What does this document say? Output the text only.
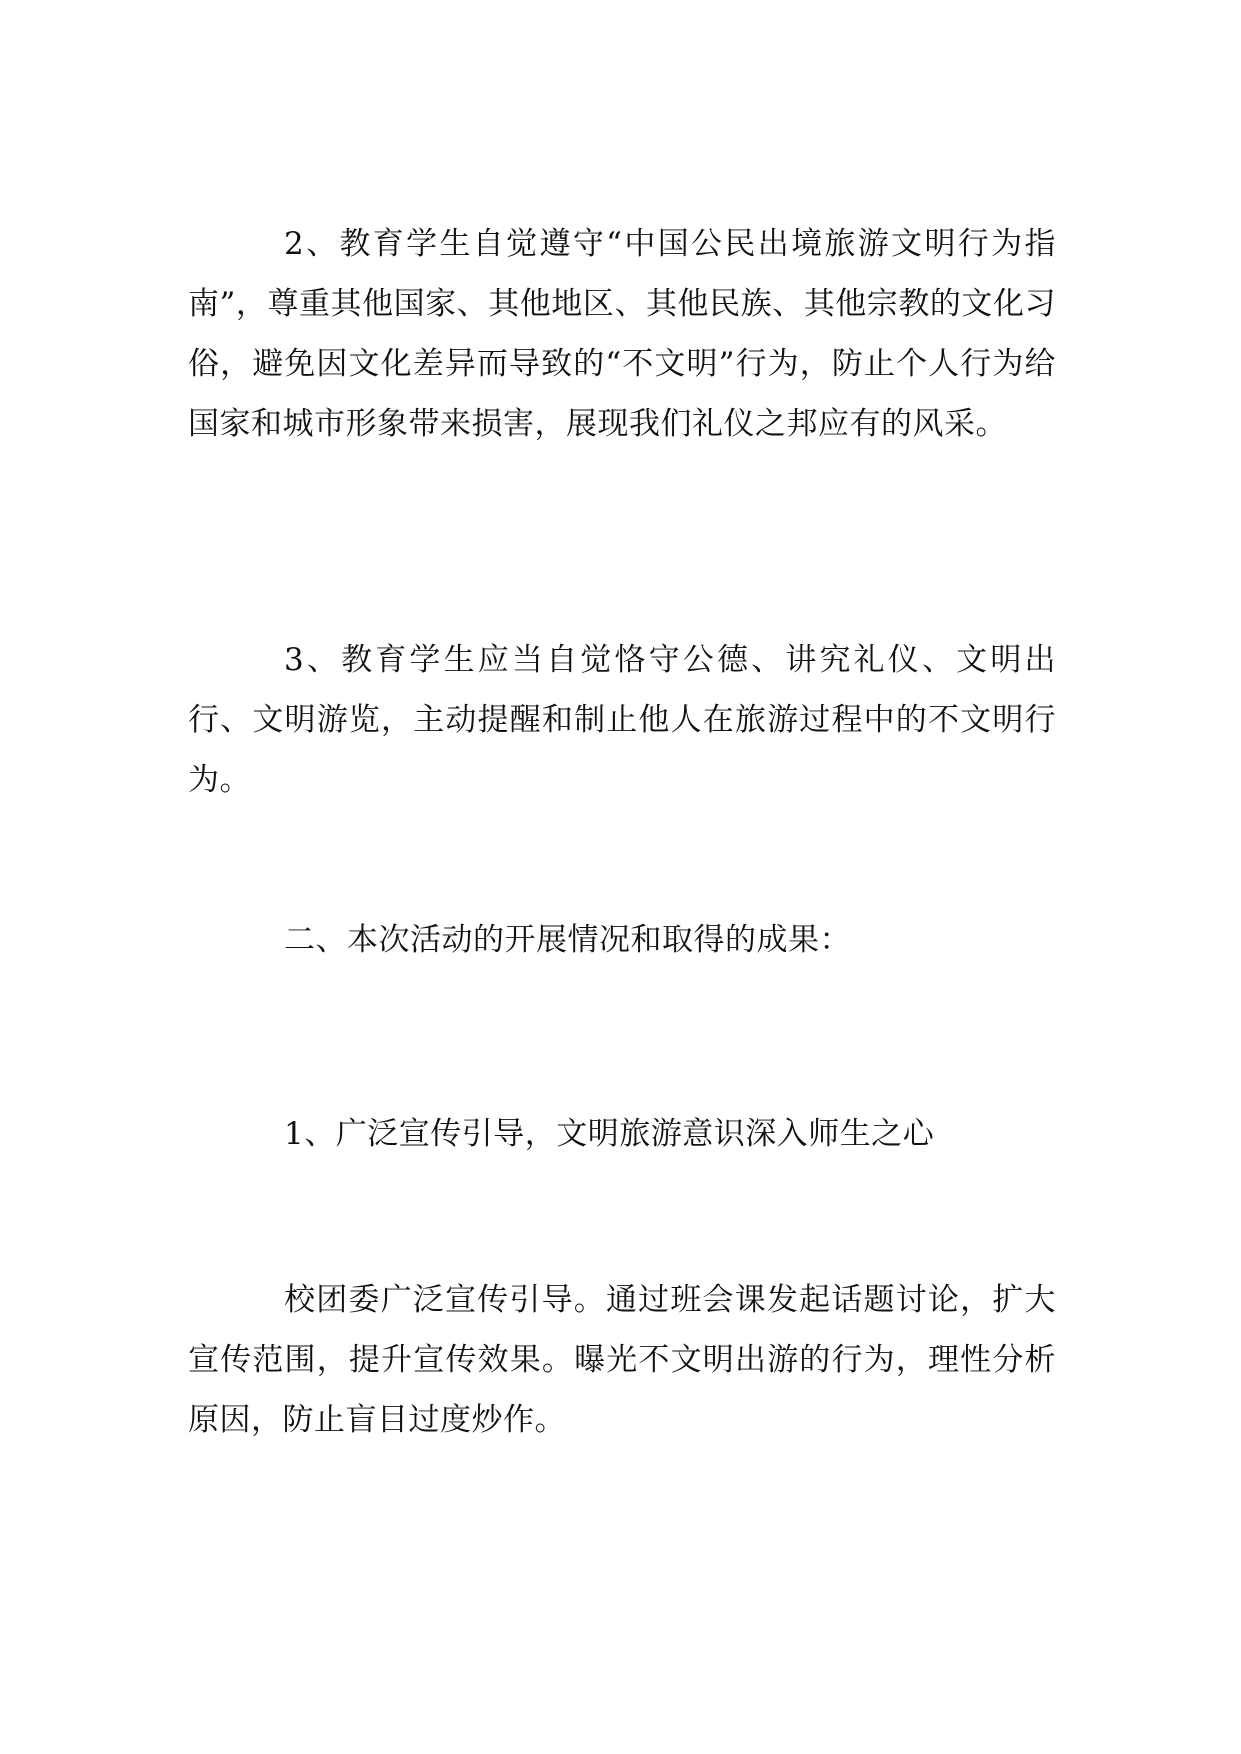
2、教育学生自觉遵守“中国公民出境旅游文明行为指南”，尊重其他国家、其他地区、其他民族、其他宗教的文化习俗，避免因文化差异而导致的“不文明”行为，防止个人行为给国家和城市形象带来损害，展现我们礼仪之邦应有的风采。

3、教育学生应当自觉恪守公德、讲究礼仪、文明出行、文明游览，主动提醒和制止他人在旅游过程中的不文明行为。

二、本次活动的开展情况和取得的成果：

1、广泛宣传引导，文明旅游意识深入师生之心

校团委广泛宣传引导。通过班会课发起话题讨论，扩大宣传范围，提升宣传效果。曝光不文明出游的行为，理性分析原因，防止盲目过度炒作。
